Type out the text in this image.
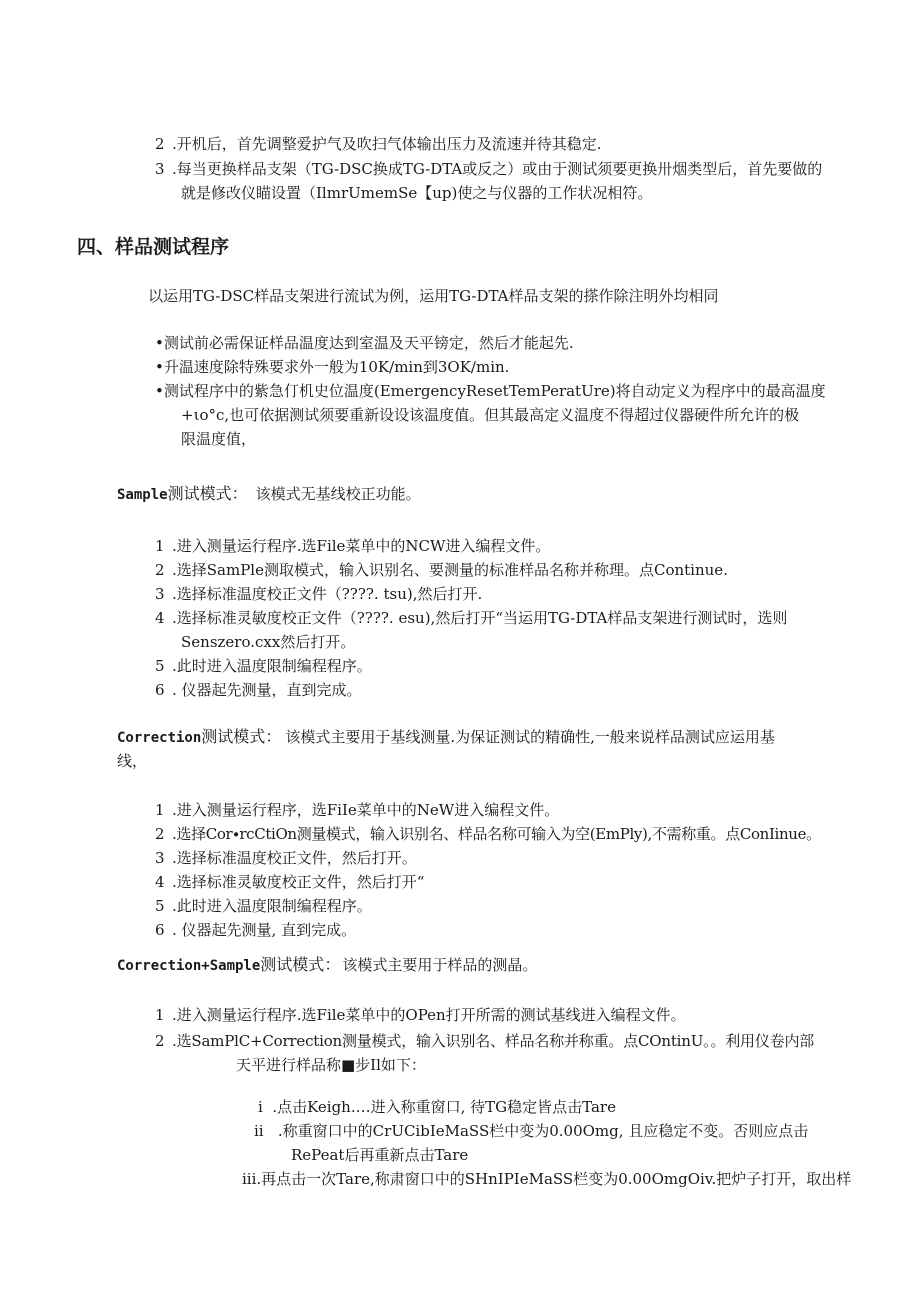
2 .开机后，首先调整爱护气及吹扫气体输出压力及流速并待其稳定.
3 .每当更换样品支架（TG-DSC换成TG-DTA或反之）或由于测试须要更换卅烟类型后，首先要做的
就是修改仪瞄设置（IlmrUmemSe【up)使之与仪器的工作状况相符。
四、样品测试程序
以运用TG-DSC样品支架进行流试为例，运用TG-DTA样品支架的搽作除注明外均相同
•测试前必需保证样品温度达到室温及天平镑定，然后才能起先.
•升温速度除特殊要求外一般为10K∕min到3OK∕min.
•测试程序中的紫急仃机史位温度(EmergencyResetTemPeratUre)将自动定义为程序中的最高温度
+ιo°c,也可依据测试须要重新设设该温度值。但其最高定义温度不得超过仪器硬件所允许的极
限温度值，
Sample测试模式： 该模式无基线校正功能。
1 .进入测量运行程序.选File菜单中的NCW进入编程文件。
2 .选择SamPle测取模式，输入识别名、要测量的标准样品名称并称理。点Continue.
3 .选择标准温度校正文件（????. tsu),然后打开.
4 .选择标准灵敏度校正文件（????. esu),然后打开“当运用TG-DTA样品支架进行测试时，选则
Senszero.cxx然后打开。
5 .此时进入温度限制编程程序。
6 . 仪器起先测量，直到完成。
Correction测试模式： 该模式主要用于基线测量.为保证测试的精确性,一般来说样品测试应运用基
线，
1 .进入测量运行程序，选FiIe菜单中的NeW进入编程文件。
2 .选择Cor∙rcCtiOn测量模式，输入识别名、样品名称可输入为空(EmPly),不需称重。点ConIinue。
3 .选择标准温度校正文件，然后打开。
4 .选择标准灵敏度校正文件，然后打开“
5 .此时进入温度限制编程程序。
6 . 仪器起先测量, 直到完成。
Correction+Sample测试模式： 该模式主要用于样品的测晶。
1 .进入测量运行程序.选File菜单中的OPen打开所需的测试基线进入编程文件。
2 .选SamPlC+Correction测量模式，输入识别名、样品名称并称重。点COntinU。。利用仪卷内部
天平进行样品称■步Il如下：
i  .点击Keigh.…进入称重窗口, 待TG稳定皆点击Tare
ii   .称重窗口中的CrUCibIeMaSS栏中变为0.00Omg, 且应稳定不变。否则应点击
RePeat后再重新点击Tare
iii.再点击一次Tare,称肃窗口中的SHnIPIeMaSS栏变为0.00OmgOiv.把炉子打开，取出样
